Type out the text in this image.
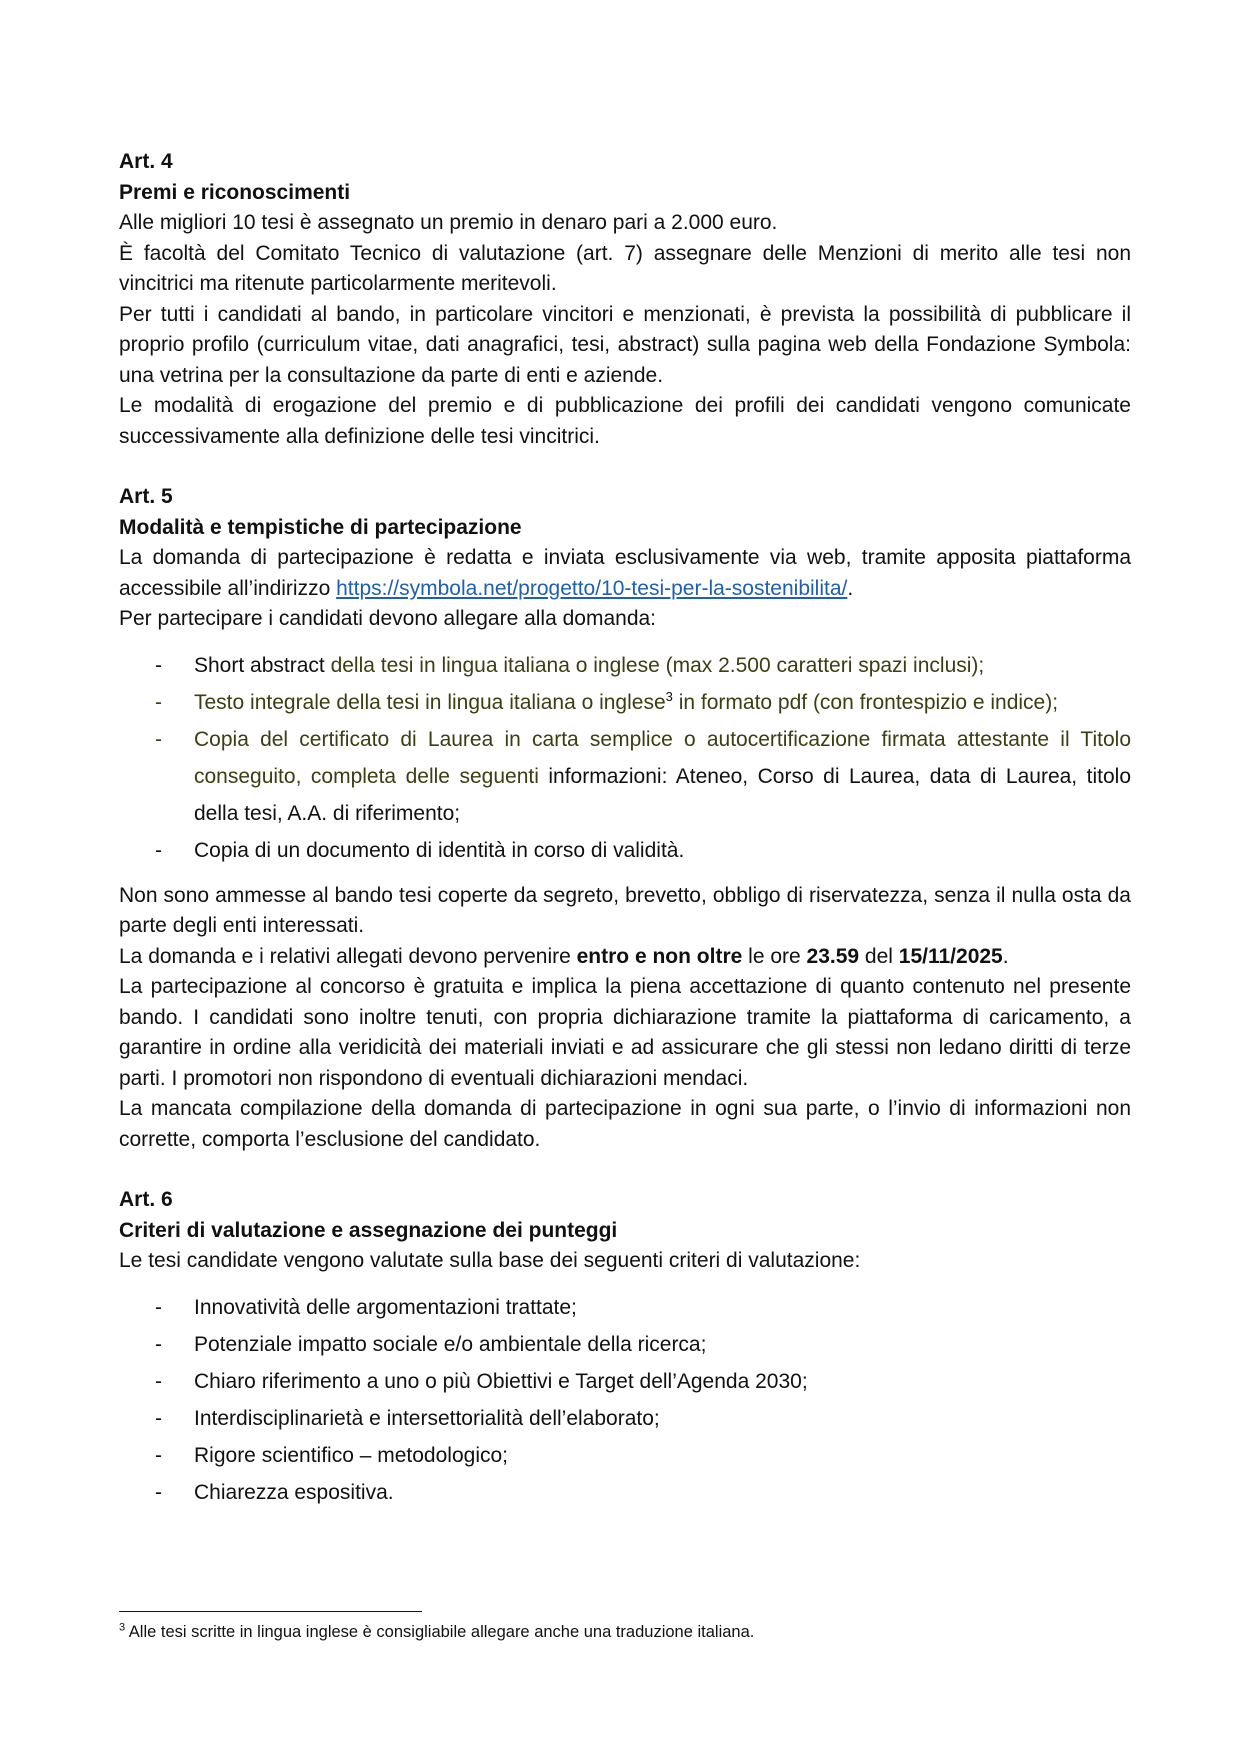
Art. 4

Premi e riconoscimenti

Alle migliori 10 tesi è assegnato un premio in denaro pari a 2.000 euro.

È facoltà del Comitato Tecnico di valutazione (art. 7) assegnare delle Menzioni di merito alle tesi non vincitrici ma ritenute particolarmente meritevoli.

Per tutti i candidati al bando, in particolare vincitori e menzionati, è prevista la possibilità di pubblicare il proprio profilo (curriculum vitae, dati anagrafici, tesi, abstract) sulla pagina web della Fondazione Symbola: una vetrina per la consultazione da parte di enti e aziende.

Le modalità di erogazione del premio e di pubblicazione dei profili dei candidati vengono comunicate successivamente alla definizione delle tesi vincitrici.

Art. 5

Modalità e tempistiche di partecipazione

La domanda di partecipazione è redatta e inviata esclusivamente via web, tramite apposita piattaforma accessibile all’indirizzo https://symbola.net/progetto/10-tesi-per-la-sostenibilita/.

Per partecipare i candidati devono allegare alla domanda:

- Short abstract della tesi in lingua italiana o inglese (max 2.500 caratteri spazi inclusi);
- Testo integrale della tesi in lingua italiana o inglese$^3$ in formato pdf (con frontespizio e indice);
- Copia del certificato di Laurea in carta semplice o autocertificazione firmata attestante il Titolo conseguito, completa delle seguenti informazioni: Ateneo, Corso di Laurea, data di Laurea, titolo della tesi, A.A. di riferimento;
- Copia di un documento di identità in corso di validità.

Non sono ammesse al bando tesi coperte da segreto, brevetto, obbligo di riservatezza, senza il nulla osta da parte degli enti interessati.

La domanda e i relativi allegati devono pervenire entro e non oltre le ore 23.59 del 15/11/2025.

La partecipazione al concorso è gratuita e implica la piena accettazione di quanto contenuto nel presente bando. I candidati sono inoltre tenuti, con propria dichiarazione tramite la piattaforma di caricamento, a garantire in ordine alla veridicità dei materiali inviati e ad assicurare che gli stessi non ledano diritti di terze parti. I promotori non rispondono di eventuali dichiarazioni mendaci.

La mancata compilazione della domanda di partecipazione in ogni sua parte, o l’invio di informazioni non corrette, comporta l’esclusione del candidato.

Art. 6

Criteri di valutazione e assegnazione dei punteggi

Le tesi candidate vengono valutate sulla base dei seguenti criteri di valutazione:

- Innovatività delle argomentazioni trattate;
- Potenziale impatto sociale e/o ambientale della ricerca;
- Chiaro riferimento a uno o più Obiettivi e Target dell’Agenda 2030;
- Interdisciplinarietà e intersettorialità dell’elaborato;
- Rigore scientifico – metodologico;
- Chiarezza espositiva.

$^3$ Alle tesi scritte in lingua inglese è consigliabile allegare anche una traduzione italiana.
